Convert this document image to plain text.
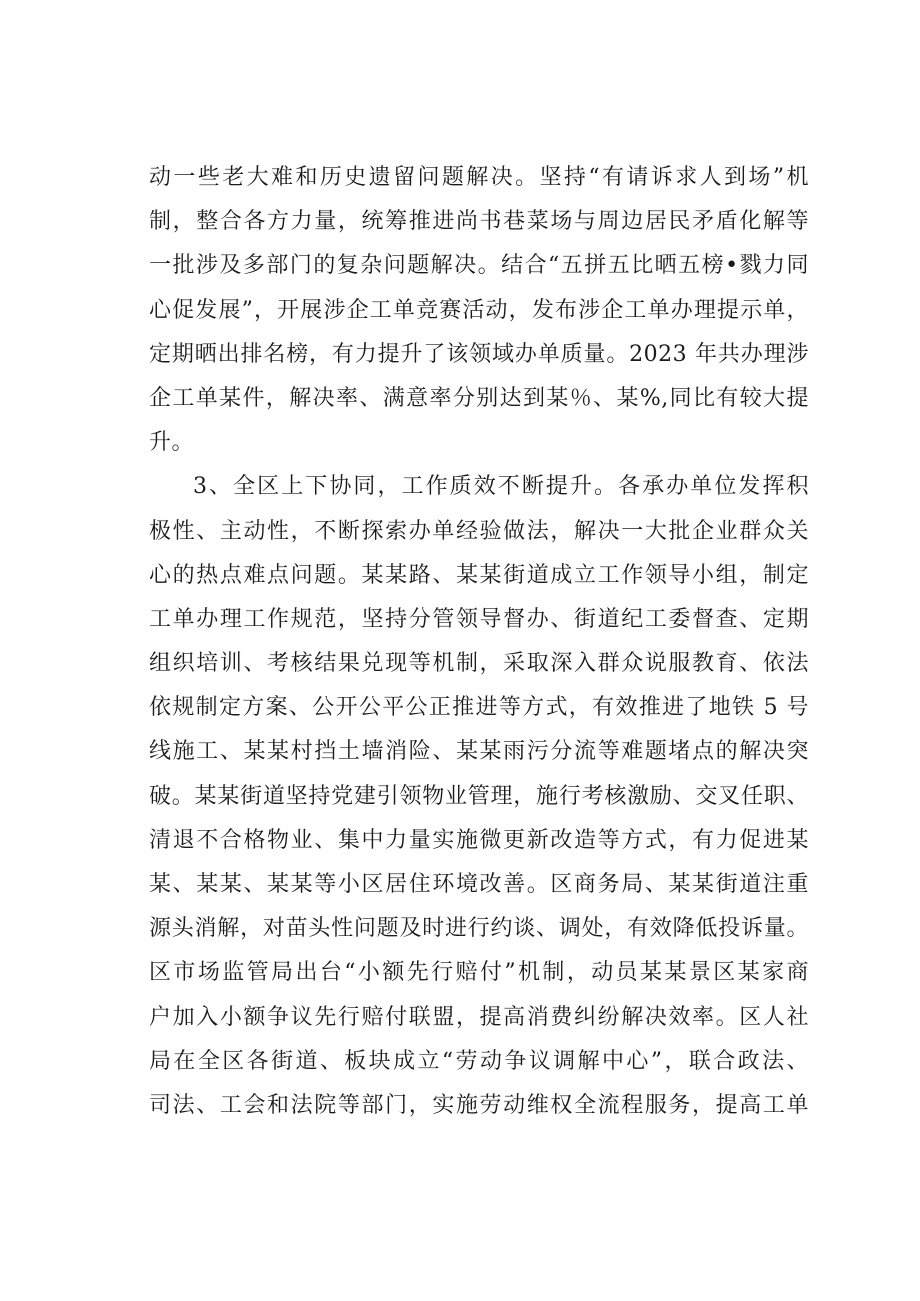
动一些老大难和历史遗留问题解决。坚持“有请诉求人到场”机
制，整合各方力量，统筹推进尚书巷菜场与周边居民矛盾化解等
一批涉及多部门的复杂问题解决。结合“五拼五比晒五榜•戮力同
心促发展”，开展涉企工单竞赛活动，发布涉企工单办理提示单，
定期晒出排名榜，有力提升了该领域办单质量。2023 年共办理涉
企工单某件，解决率、满意率分别达到某％、某%,同比有较大提
升。
3、全区上下协同，工作质效不断提升。各承办单位发挥积
极性、主动性，不断探索办单经验做法，解决一大批企业群众关
心的热点难点问题。某某路、某某街道成立工作领导小组，制定
工单办理工作规范，坚持分管领导督办、街道纪工委督查、定期
组织培训、考核结果兑现等机制，采取深入群众说服教育、依法
依规制定方案、公开公平公正推进等方式，有效推进了地铁 5 号
线施工、某某村挡土墙消险、某某雨污分流等难题堵点的解决突
破。某某街道坚持党建引领物业管理，施行考核激励、交叉任职、
清退不合格物业、集中力量实施微更新改造等方式，有力促进某
某、某某、某某等小区居住环境改善。区商务局、某某街道注重
源头消解，对苗头性问题及时进行约谈、调处，有效降低投诉量。
区市场监管局出台“小额先行赔付”机制，动员某某景区某家商
户加入小额争议先行赔付联盟，提高消费纠纷解决效率。区人社
局在全区各街道、板块成立“劳动争议调解中心”，联合政法、
司法、工会和法院等部门，实施劳动维权全流程服务，提高工单
